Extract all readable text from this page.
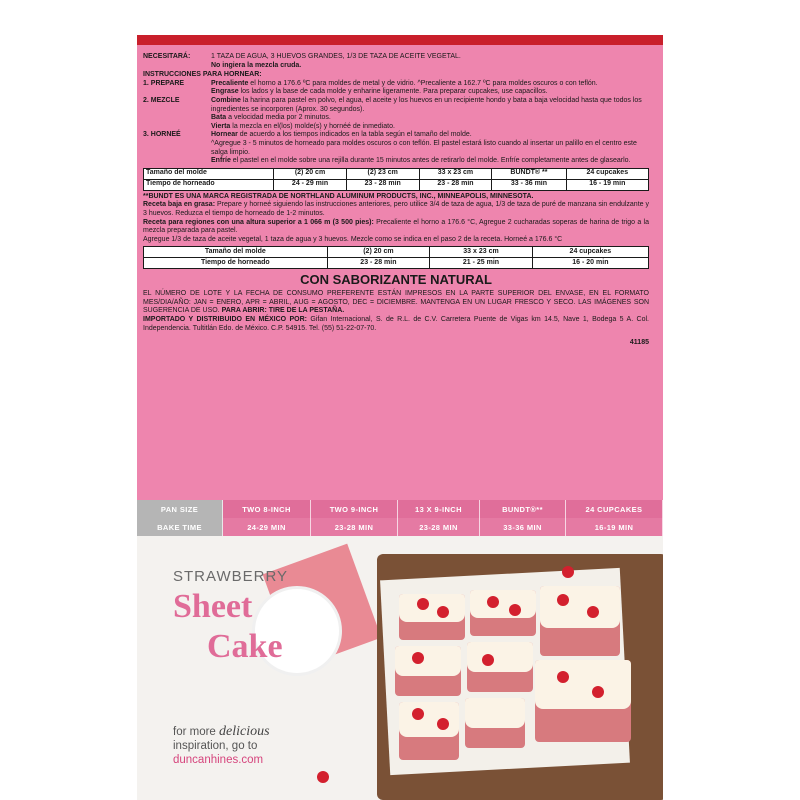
NECESITARÁ:	1 TAZA DE AGUA, 3 HUEVOS GRANDES, 1/3 DE TAZA DE ACEITE VEGETAL.
No ingiera la mezcla cruda.
INSTRUCCIONES PARA HORNEAR:
1. PREPARE	Precaliente el horno a 176.6 ºC para moldes de metal y de vidrio. ^Precaliente a 162.7 ºC para moldes oscuros o con teflón.
Engrase los lados y la base de cada molde y enharine ligeramente. Para preparar cupcakes, use capacillos.
2. MEZCLE	Combine la harina para pastel en polvo, el agua, el aceite y los huevos en un recipiente hondo y bata a baja velocidad hasta que todos los ingredientes se incorporen (Aprox. 30 segundos).
Bata a velocidad media por 2 minutos.
Vierta la mezcla en el(los) molde(s) y hornéé de inmediato.
3. HORNEÉ	Hornear de acuerdo a los tiempos indicados en la tabla según el tamaño del molde.
^Agregue 3 - 5 minutos de horneado para moldes oscuros o con teflón. El pastel estará listo cuando al insertar un palillo en el centro este salga limpio.
Enfríe el pastel en el molde sobre una rejilla durante 15 minutos antes de retirarlo del molde. Enfríe completamente antes de glasearlo.
Tamaño del molde	(2) 20 cm	(2) 23 cm	33 x 23 cm	BUNDT® **	24 cupcakes
Tiempo de horneado	24 - 29 min	23 - 28 min	23 - 28 min	33 - 36 min	16 - 19 min
**BUNDT ES UNA MARCA REGISTRADA DE NORTHLAND ALUMINUM PRODUCTS, INC., MINNEAPOLIS, MINNESOTA.
Receta baja en grasa: Prepare y horneé siguiendo las instrucciones anteriores, pero utilice 3/4 de taza de agua, 1/3 de taza de puré de manzana sin endulzante y 3 huevos. Reduzca el tiempo de horneado de 1-2 minutos.
Receta para regiones con una altura superior a 1 066 m (3 500 pies): Precaliente el horno a 176.6 °C, Agregue 2 cucharadas soperas de harina de trigo a la mezcla preparada para pastel.
Agregue 1/3 de taza de aceite vegetal, 1 taza de agua y 3 huevos. Mezcle como se indica en el paso 2 de la receta. Horneé a 176.6 °C
Tamaño del molde	(2) 20 cm	33 x 23 cm	24 cupcakes
Tiempo de horneado	23 - 28 min	21 - 25 min	16 - 20 min
CON SABORIZANTE NATURAL
EL NÚMERO DE LOTE Y LA FECHA DE CONSUMO PREFERENTE ESTÁN IMPRESOS EN LA PARTE SUPERIOR DEL ENVASE, EN EL FORMATO MES/DIA/AÑO: JAN = ENERO, APR = ABRIL, AUG = AGOSTO, DEC = DICIEMBRE. MANTENGA EN UN LUGAR FRESCO Y SECO. LAS IMÁGENES SON SUGERENCIA DE USO. PARA ABRIR: TIRE DE LA PESTAÑA.
IMPORTADO Y DISTRIBUIDO EN MÉXICO POR: Gifan Internacional, S. de R.L. de C.V. Carretera Puente de Vigas km 14.5, Nave 1, Bodega 5 A. Col. Independencia. Tultitlán Edo. de México. C.P. 54915. Tel. (55) 51-22-07-70.
41185
PAN SIZE	TWO 8-INCH	TWO 9-INCH	13 X 9-INCH	BUNDT®**	24 CUPCAKES
BAKE TIME	24-29 MIN	23-28 MIN	23-28 MIN	33-36 MIN	16-19 MIN
STRAWBERRY
Sheet
Cake
for more delicious
inspiration, go to
duncanhines.com
